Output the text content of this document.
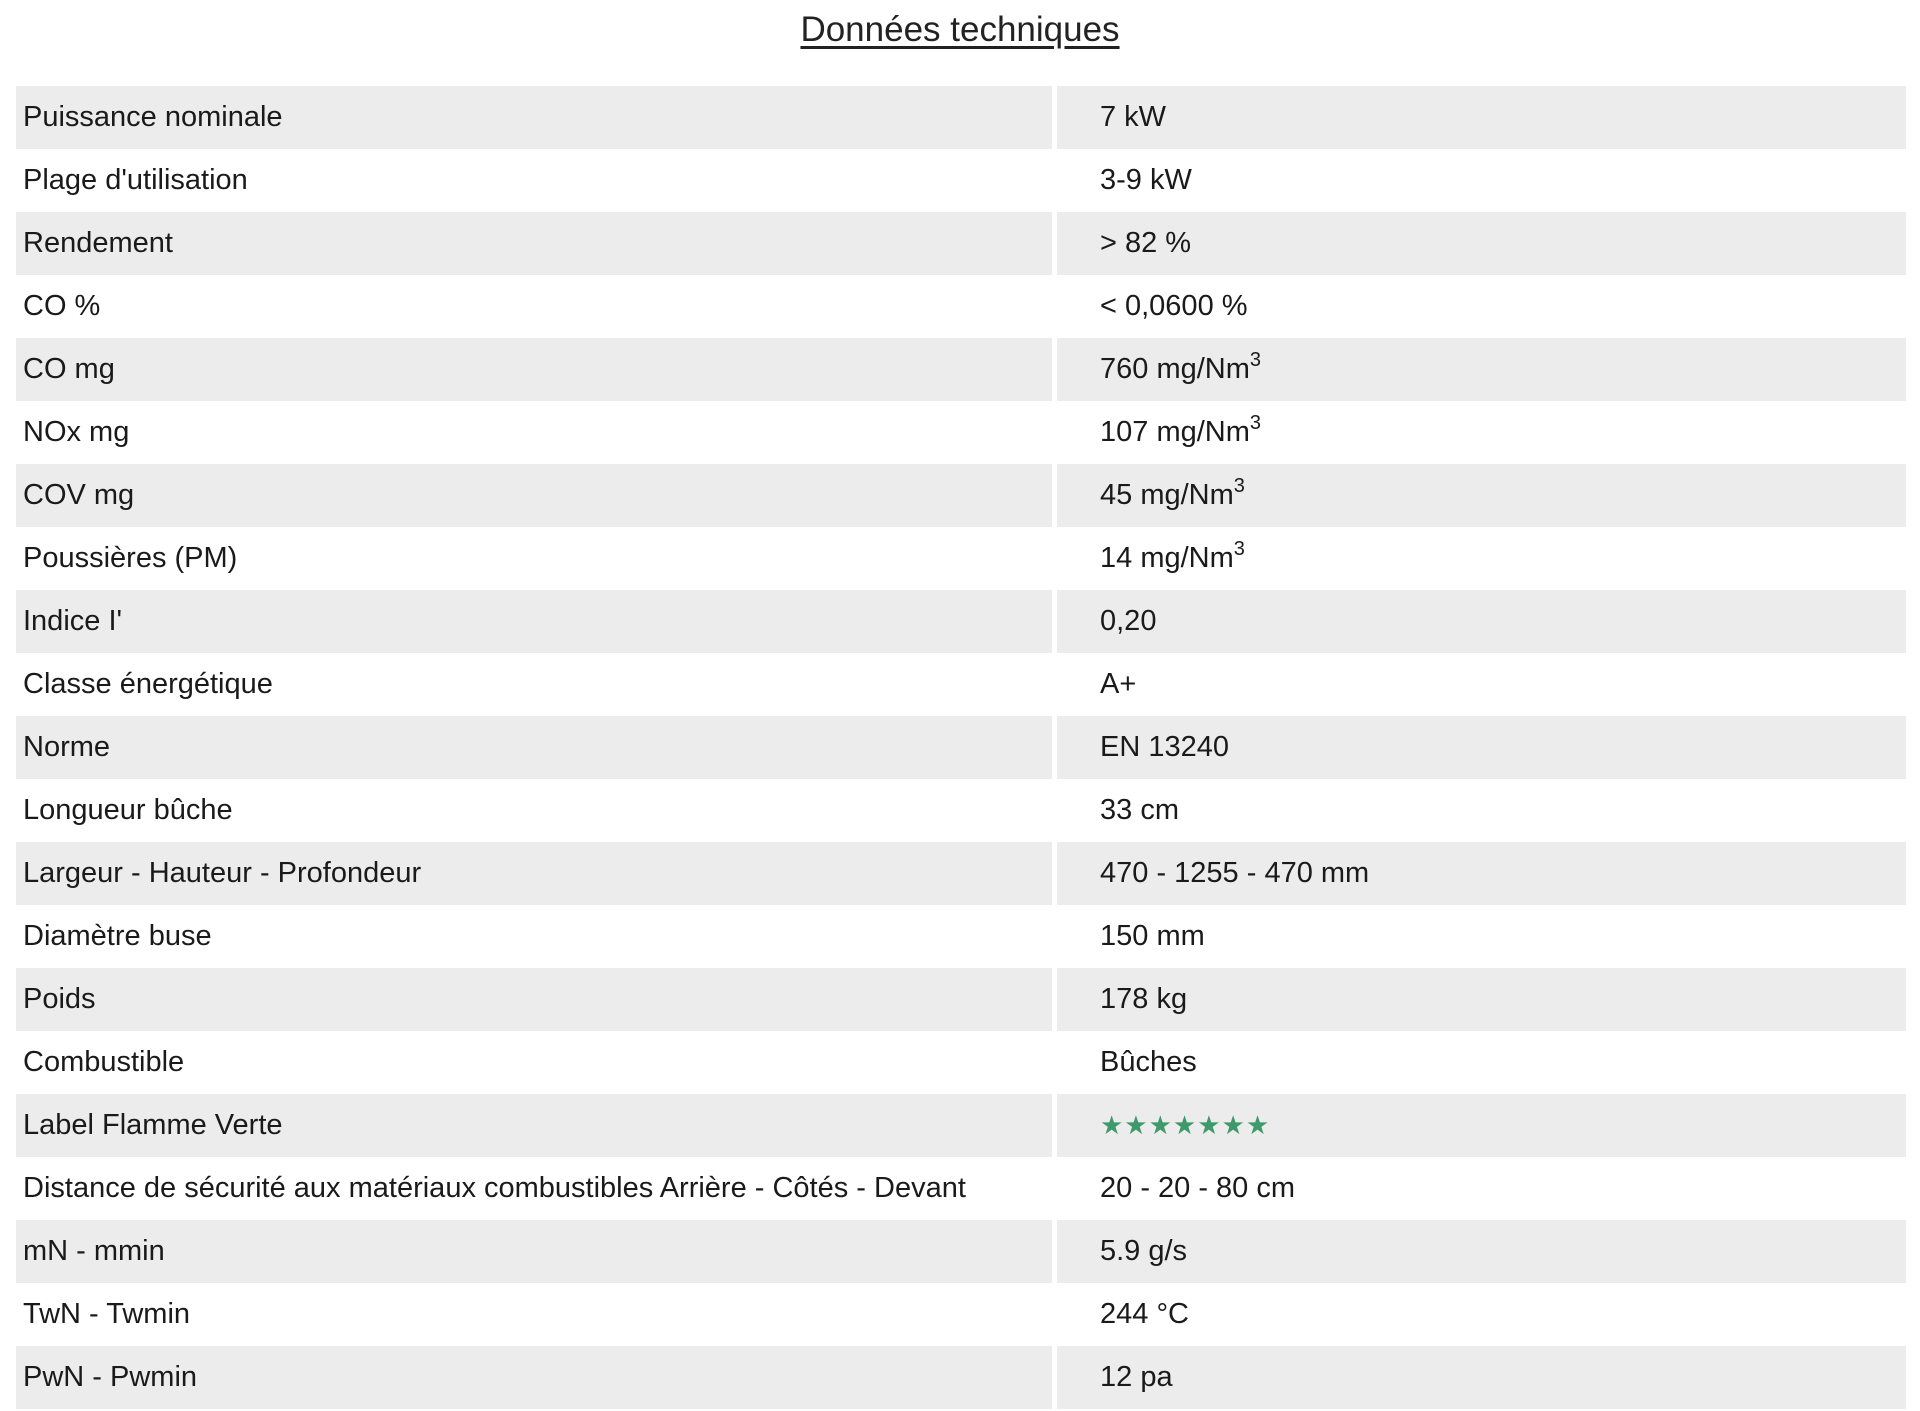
Données techniques
Puissance nominale	7 kW
Plage d'utilisation	3-9 kW
Rendement	> 82 %
CO %	< 0,0600 %
CO mg	760 mg/Nm$^3$
NOx mg	107 mg/Nm$^3$
COV mg	45 mg/Nm$^3$
Poussières (PM)	14 mg/Nm$^3$
Indice I'	0,20
Classe énergétique	A+
Norme	EN 13240
Longueur bûche	33 cm
Largeur - Hauteur - Profondeur	470 - 1255 - 470 mm
Diamètre buse	150 mm
Poids	178 kg
Combustible	Bûches
Label Flamme Verte	★★★★★★★
Distance de sécurité aux matériaux combustibles Arrière - Côtés - Devant	20 - 20 - 80 cm
mN - mmin	5.9 g/s
TwN - Twmin	244 °C
PwN - Pwmin	12 pa
